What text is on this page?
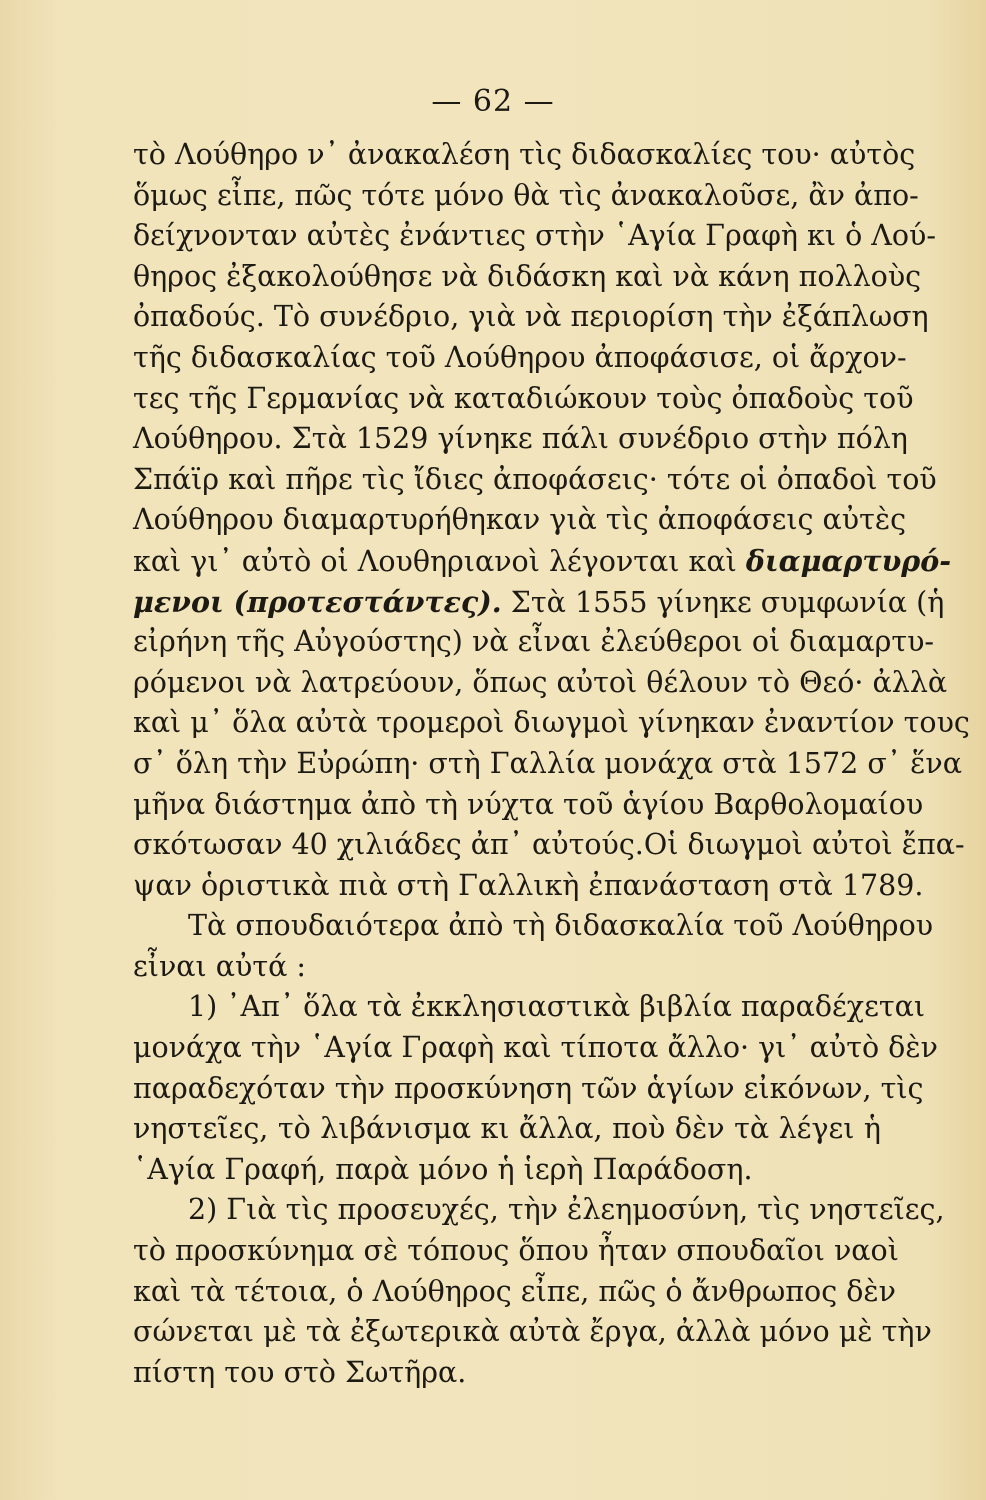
— 62 —
τὸ Λούθηρο ν᾽ ἀνακαλέση τὶς διδασκαλίες του· αὐτὸς
ὅμως εἶπε, πῶς τότε μόνο θὰ τὶς ἀνακαλοῦσε, ἂν ἀπο-
δείχνονταν αὐτὲς ἐνάντιες στὴν ῾Αγία Γραφὴ κι ὁ Λού-
θηρος ἐξακολούθησε νὰ διδάσκη καὶ νὰ κάνη πολλοὺς
ὀπαδούς. Τὸ συνέδριο, γιὰ νὰ περιορίση τὴν ἐξάπλωση
τῆς διδασκαλίας τοῦ Λούθηρου ἀποφάσισε, οἱ ἄρχον-
τες τῆς Γερμανίας νὰ καταδιώκουν τοὺς ὀπαδοὺς τοῦ
Λούθηρου. Στὰ 1529 γίνηκε πάλι συνέδριο στὴν πόλη
Σπάϊρ καὶ πῆρε τὶς ἴδιες ἀποφάσεις· τότε οἱ ὀπαδοὶ τοῦ
Λούθηρου διαμαρτυρήθηκαν γιὰ τὶς ἀποφάσεις αὐτὲς
καὶ γι᾽ αὐτὸ οἱ Λουθηριανοὶ λέγονται καὶ διαμαρτυρό-
μενοι (προτεστάντες). Στὰ 1555 γίνηκε συμφωνία (ἡ
εἰρήνη τῆς Αὐγούστης) νὰ εἶναι ἐλεύθεροι οἱ διαμαρτυ-
ρόμενοι νὰ λατρεύουν, ὅπως αὐτοὶ θέλουν τὸ Θεό· ἀλλὰ
καὶ μ᾽ ὅλα αὐτὰ τρομεροὶ διωγμοὶ γίνηκαν ἐναντίον τους
σ᾽ ὅλη τὴν Εὐρώπη· στὴ Γαλλία μονάχα στὰ 1572 σ᾽ ἕνα
μῆνα διάστημα ἀπὸ τὴ νύχτα τοῦ ἁγίου Βαρθολομαίου
σκότωσαν 40 χιλιάδες ἀπ᾽ αὐτούς.Οἱ διωγμοὶ αὐτοὶ ἔπα-
ψαν ὁριστικὰ πιὰ στὴ Γαλλικὴ ἐπανάσταση στὰ 1789.
Τὰ σπουδαιότερα ἀπὸ τὴ διδασκαλία τοῦ Λούθηρου
εἶναι αὐτά :
1) ᾽Απ᾽ ὅλα τὰ ἐκκλησιαστικὰ βιβλία παραδέχεται
μονάχα τὴν ῾Αγία Γραφὴ καὶ τίποτα ἄλλο· γι᾽ αὐτὸ δὲν
παραδεχόταν τὴν προσκύνηση τῶν ἁγίων εἰκόνων, τὶς
νηστεῖες, τὸ λιβάνισμα κι ἄλλα, ποὺ δὲν τὰ λέγει ἡ
῾Αγία Γραφή, παρὰ μόνο ἡ ἱερὴ Παράδοση.
2) Γιὰ τὶς προσευχές, τὴν ἐλεημοσύνη, τὶς νηστεῖες,
τὸ προσκύνημα σὲ τόπους ὅπου ἦταν σπουδαῖοι ναοὶ
καὶ τὰ τέτοια, ὁ Λούθηρος εἶπε, πῶς ὁ ἄνθρωπος δὲν
σώνεται μὲ τὰ ἐξωτερικὰ αὐτὰ ἔργα, ἀλλὰ μόνο μὲ τὴν
πίστη του στὸ Σωτῆρα.
